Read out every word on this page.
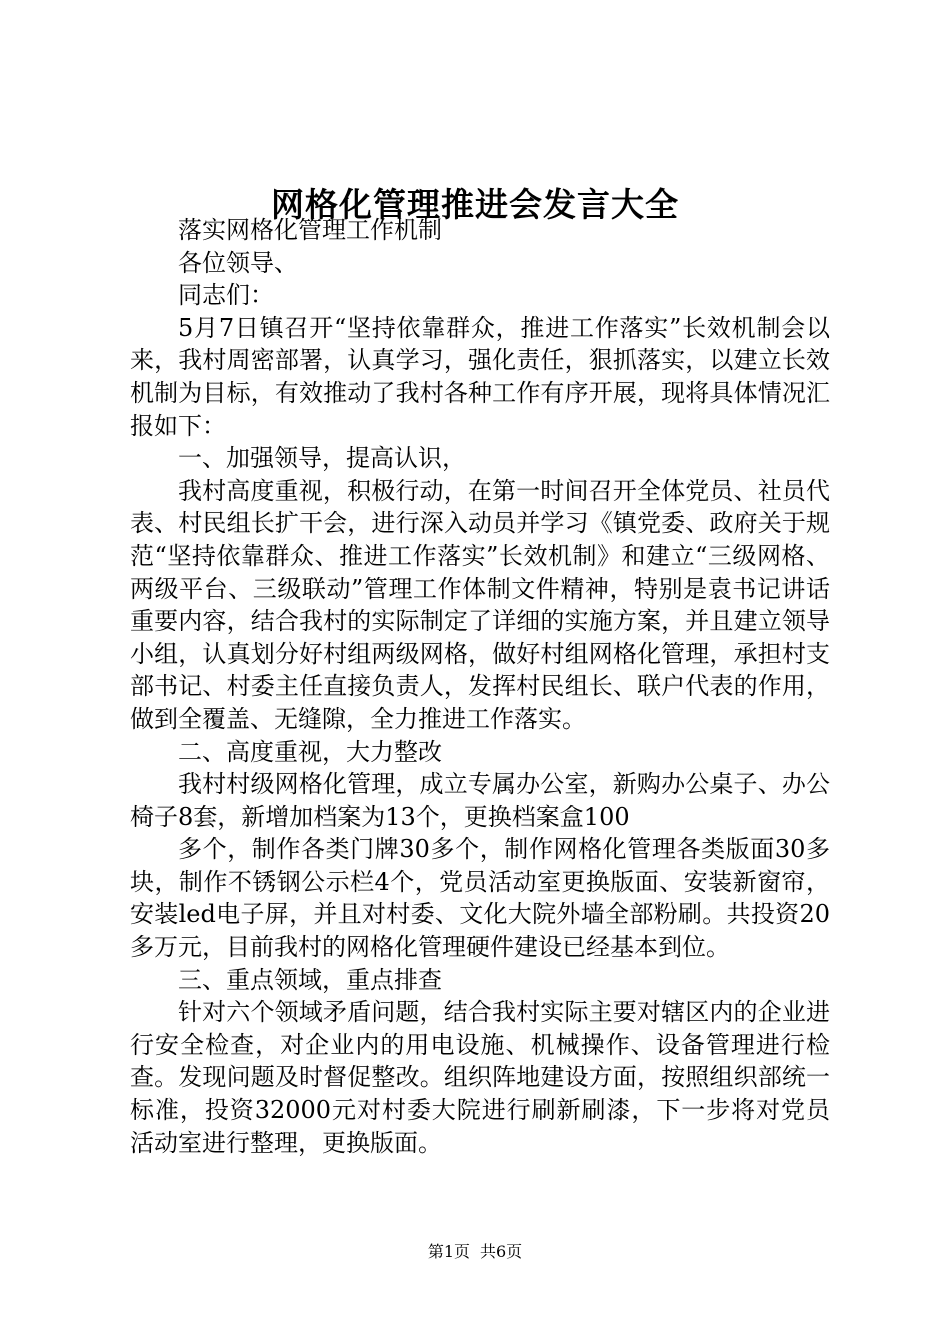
网格化管理推进会发言大全

落实网格化管理工作机制

各位领导、

同志们：

5月7日镇召开“坚持依靠群众，推进工作落实”长效机制会以来，我村周密部署，认真学习，强化责任，狠抓落实，以建立长效机制为目标，有效推动了我村各种工作有序开展，现将具体情况汇报如下：

一、加强领导，提高认识，

我村高度重视，积极行动，在第一时间召开全体党员、社员代表、村民组长扩干会，进行深入动员并学习《镇党委、政府关于规范“坚持依靠群众、推进工作落实”长效机制》和建立“三级网格、两级平台、三级联动”管理工作体制文件精神，特别是袁书记讲话重要内容，结合我村的实际制定了详细的实施方案，并且建立领导小组，认真划分好村组两级网格，做好村组网格化管理，承担村支部书记、村委主任直接负责人，发挥村民组长、联户代表的作用，做到全覆盖、无缝隙，全力推进工作落实。

二、高度重视，大力整改

我村村级网格化管理，成立专属办公室，新购办公桌子、办公椅子8套，新增加档案为13个，更换档案盒100

多个，制作各类门牌30多个，制作网格化管理各类版面30多块，制作不锈钢公示栏4个，党员活动室更换版面、安装新窗帘，安装led电子屏，并且对村委、文化大院外墙全部粉刷。共投资20多万元，目前我村的网格化管理硬件建设已经基本到位。

三、重点领域，重点排查

针对六个领域矛盾问题，结合我村实际主要对辖区内的企业进行安全检查，对企业内的用电设施、机械操作、设备管理进行检查。发现问题及时督促整改。组织阵地建设方面，按照组织部统一标准，投资32000元对村委大院进行刷新刷漆，下一步将对党员活动室进行整理，更换版面。

第1页 共6页
